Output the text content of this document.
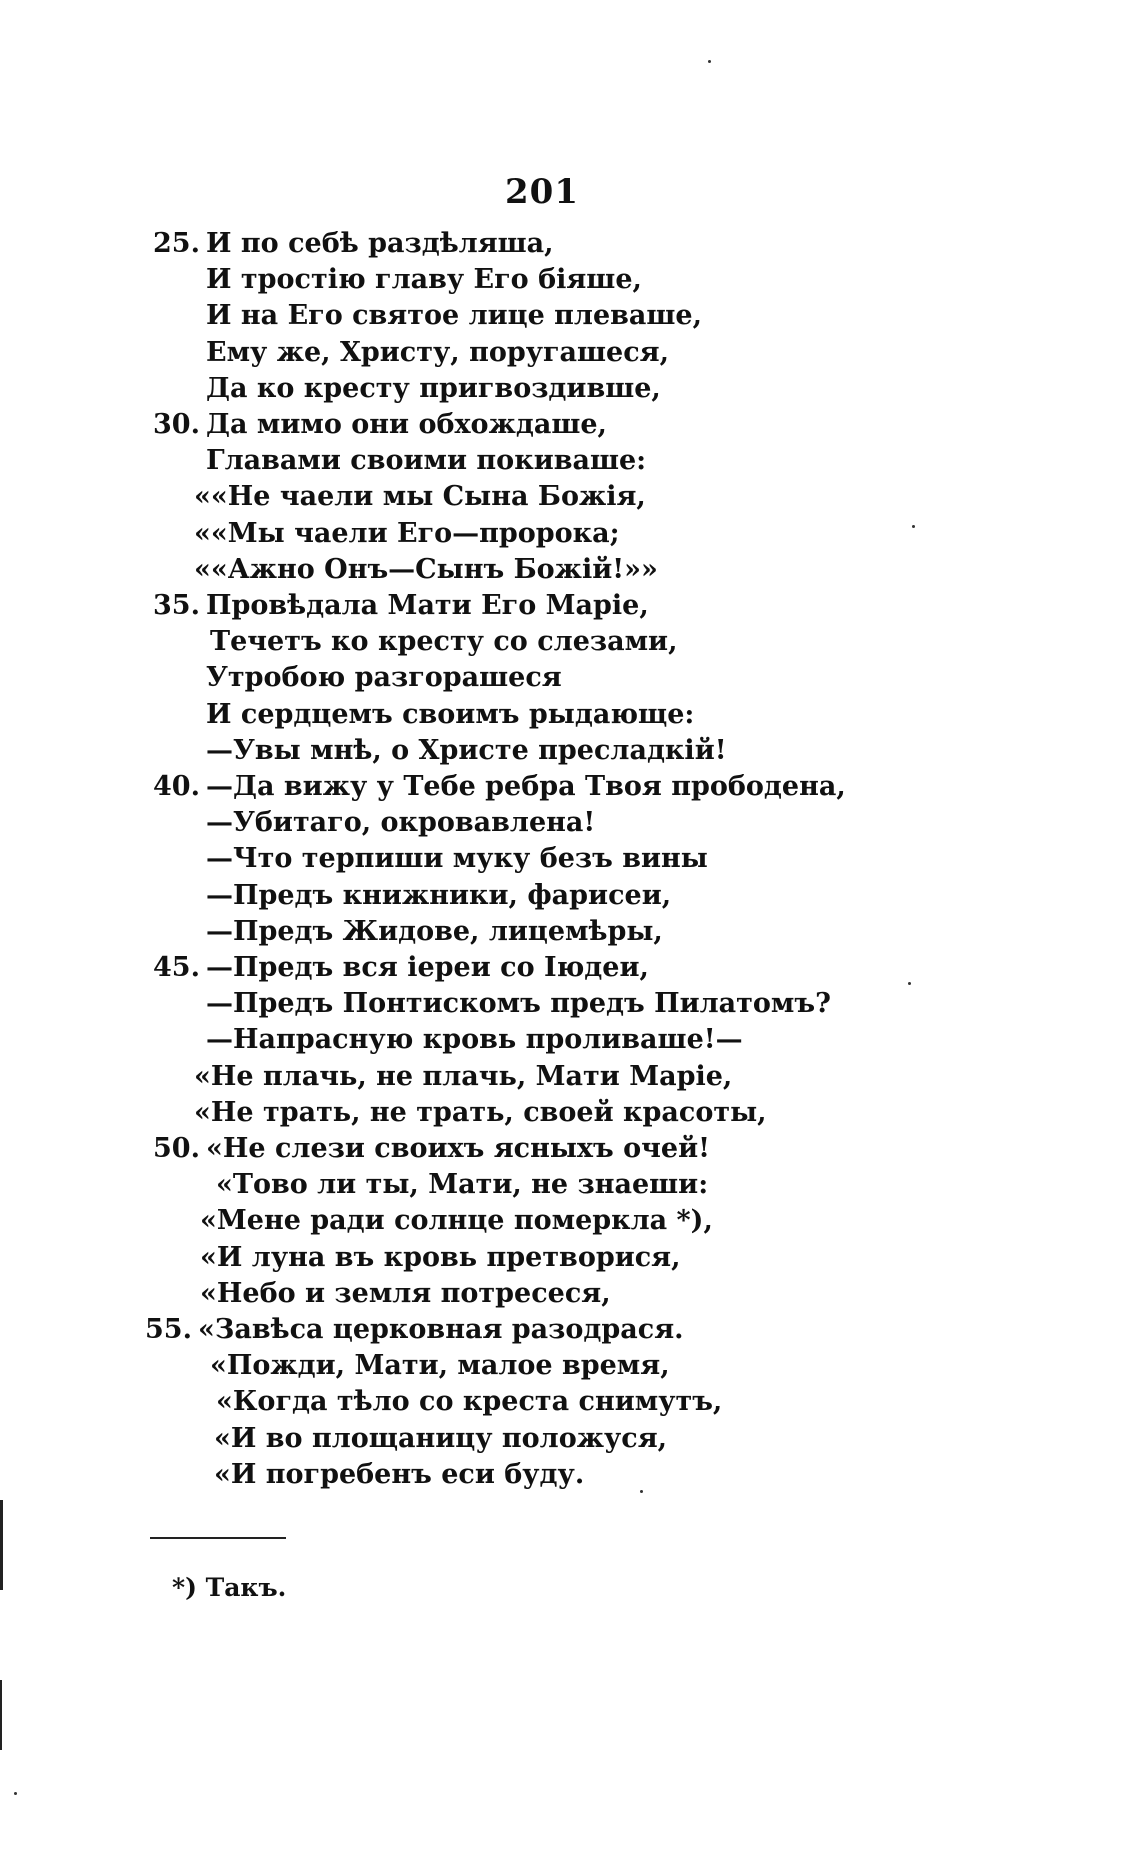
201
25. И по себѣ раздѣляша,
И тростію главу Его бiяше,
И на Его святое лице плеваше,
Ему же, Христу, поругашеся,
Да ко кресту пригвоздивше,
30. Да мимо они обхождаше,
Главами своими покиваше:
««Не чаели мы Сына Божія,
««Мы чаели Его—пророка;
««Ажно Онъ—Сынъ Божій!»»
35. Провѣдала Мати Его Маріе,
Течетъ ко кресту со слезами,
Утробою разгорашеся
И сердцемъ своимъ рыдающе:
—Увы мнѣ, о Христе пресладкій!
40. —Да вижу у Тебе ребра Твоя прободена,
—Убитаго, окровавлена!
—Что терпиши муку безъ вины
—Предъ книжники, фарисеи,
—Предъ Жидове, лицемѣры,
45. —Предъ вся іереи со Іюдеи,
—Предъ Понтискомъ предъ Пилатомъ?
—Напрасную кровь проливаше!—
«Не плачь, не плачь, Мати Маріе,
«Не трать, не трать, своей красоты,
50. «Не слези своихъ ясныхъ очей!
«Тово ли ты, Мати, не знаеши:
«Мене ради солнце померкла *),
«И луна въ кровь претворися,
«Небо и земля потресеся,
55. «Завѣса церковная разодрася.
«Пожди, Мати, малое время,
«Когда тѣло со креста снимутъ,
«И во площаницу положуся,
«И погребенъ еси буду.
*) Такъ.
